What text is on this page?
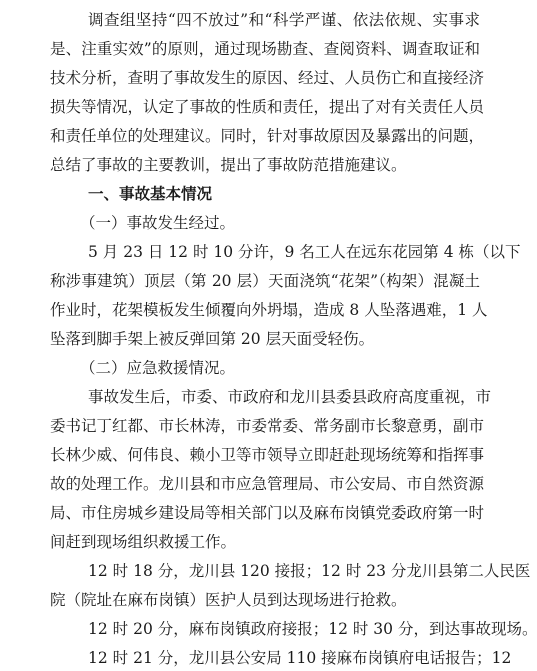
调查组坚持“四不放过”和“科学严谨、依法依规、实事求
是、注重实效”的原则，通过现场勘查、查阅资料、调查取证和
技术分析，查明了事故发生的原因、经过、人员伤亡和直接经济
损失等情况，认定了事故的性质和责任，提出了对有关责任人员
和责任单位的处理建议。同时，针对事故原因及暴露出的问题，
总结了事故的主要教训，提出了事故防范措施建议。
一、事故基本情况
（一）事故发生经过。
5 月 23 日 12 时 10 分许，9 名工人在远东花园第 4 栋（以下
称涉事建筑）顶层（第 20 层）天面浇筑“花架”（构架）混凝土
作业时，花架模板发生倾覆向外坍塌，造成 8 人坠落遇难，1 人
坠落到脚手架上被反弹回第 20 层天面受轻伤。
（二）应急救援情况。
事故发生后，市委、市政府和龙川县委县政府高度重视，市
委书记丁红都、市长林涛，市委常委、常务副市长黎意勇，副市
长林少威、何伟良、赖小卫等市领导立即赶赴现场统筹和指挥事
故的处理工作。龙川县和市应急管理局、市公安局、市自然资源
局、市住房城乡建设局等相关部门以及麻布岗镇党委政府第一时
间赶到现场组织救援工作。
12 时 18 分，龙川县 120 接报；12 时 23 分龙川县第二人民医
院（院址在麻布岗镇）医护人员到达现场进行抢救。
12 时 20 分，麻布岗镇政府接报；12 时 30 分，到达事故现场。
12 时 21 分，龙川县公安局 110 接麻布岗镇府电话报告；12
